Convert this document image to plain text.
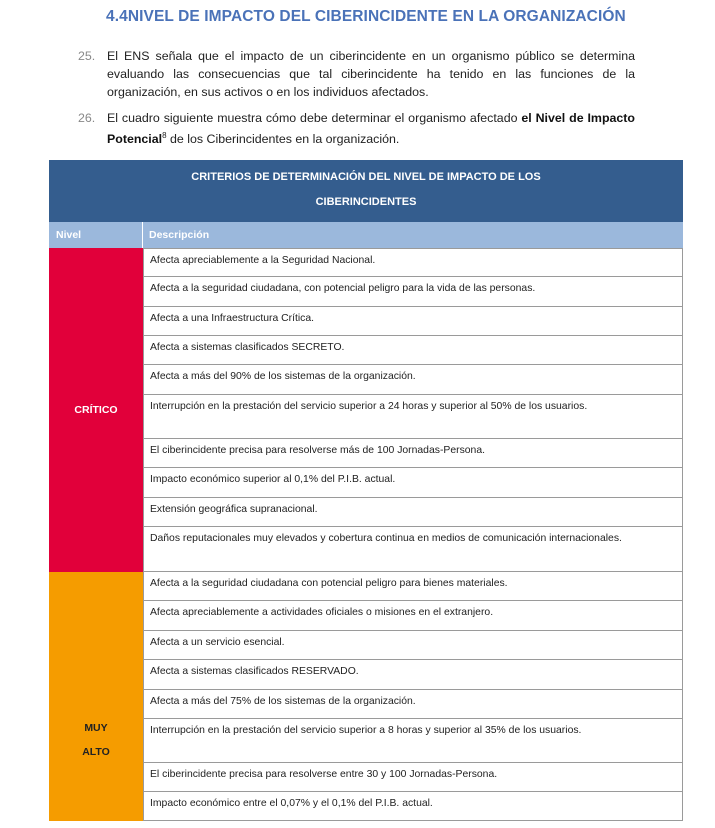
4.4NIVEL DE IMPACTO DEL CIBERINCIDENTE EN LA ORGANIZACIÓN
25. El ENS señala que el impacto de un ciberincidente en un organismo público se determina evaluando las consecuencias que tal ciberincidente ha tenido en las funciones de la organización, en sus activos o en los individuos afectados.
26. El cuadro siguiente muestra cómo debe determinar el organismo afectado el Nivel de Impacto Potencial$^8$ de los Ciberincidentes en la organización.
CRITERIOS DE DETERMINACIÓN DEL NIVEL DE IMPACTO DE LOS
CIBERINCIDENTES
Nivel	Descripción
CRÍTICO
Afecta apreciablemente a la Seguridad Nacional.
Afecta a la seguridad ciudadana, con potencial peligro para la vida de las personas.
Afecta a una Infraestructura Crítica.
Afecta a sistemas clasificados SECRETO.
Afecta a más del 90% de los sistemas de la organización.
Interrupción en la prestación del servicio superior a 24 horas y superior al 50% de los usuarios.
El ciberincidente precisa para resolverse más de 100 Jornadas-Persona.
Impacto económico superior al 0,1% del P.I.B. actual.
Extensión geográfica supranacional.
Daños reputacionales muy elevados y cobertura continua en medios de comunicación internacionales.
MUY
ALTO
Afecta a la seguridad ciudadana con potencial peligro para bienes materiales.
Afecta apreciablemente a actividades oficiales o misiones en el extranjero.
Afecta a un servicio esencial.
Afecta a sistemas clasificados RESERVADO.
Afecta a más del 75% de los sistemas de la organización.
Interrupción en la prestación del servicio superior a 8 horas y superior al 35% de los usuarios.
El ciberincidente precisa para resolverse entre 30 y 100 Jornadas-Persona.
Impacto económico entre el 0,07% y el 0,1% del P.I.B. actual.
